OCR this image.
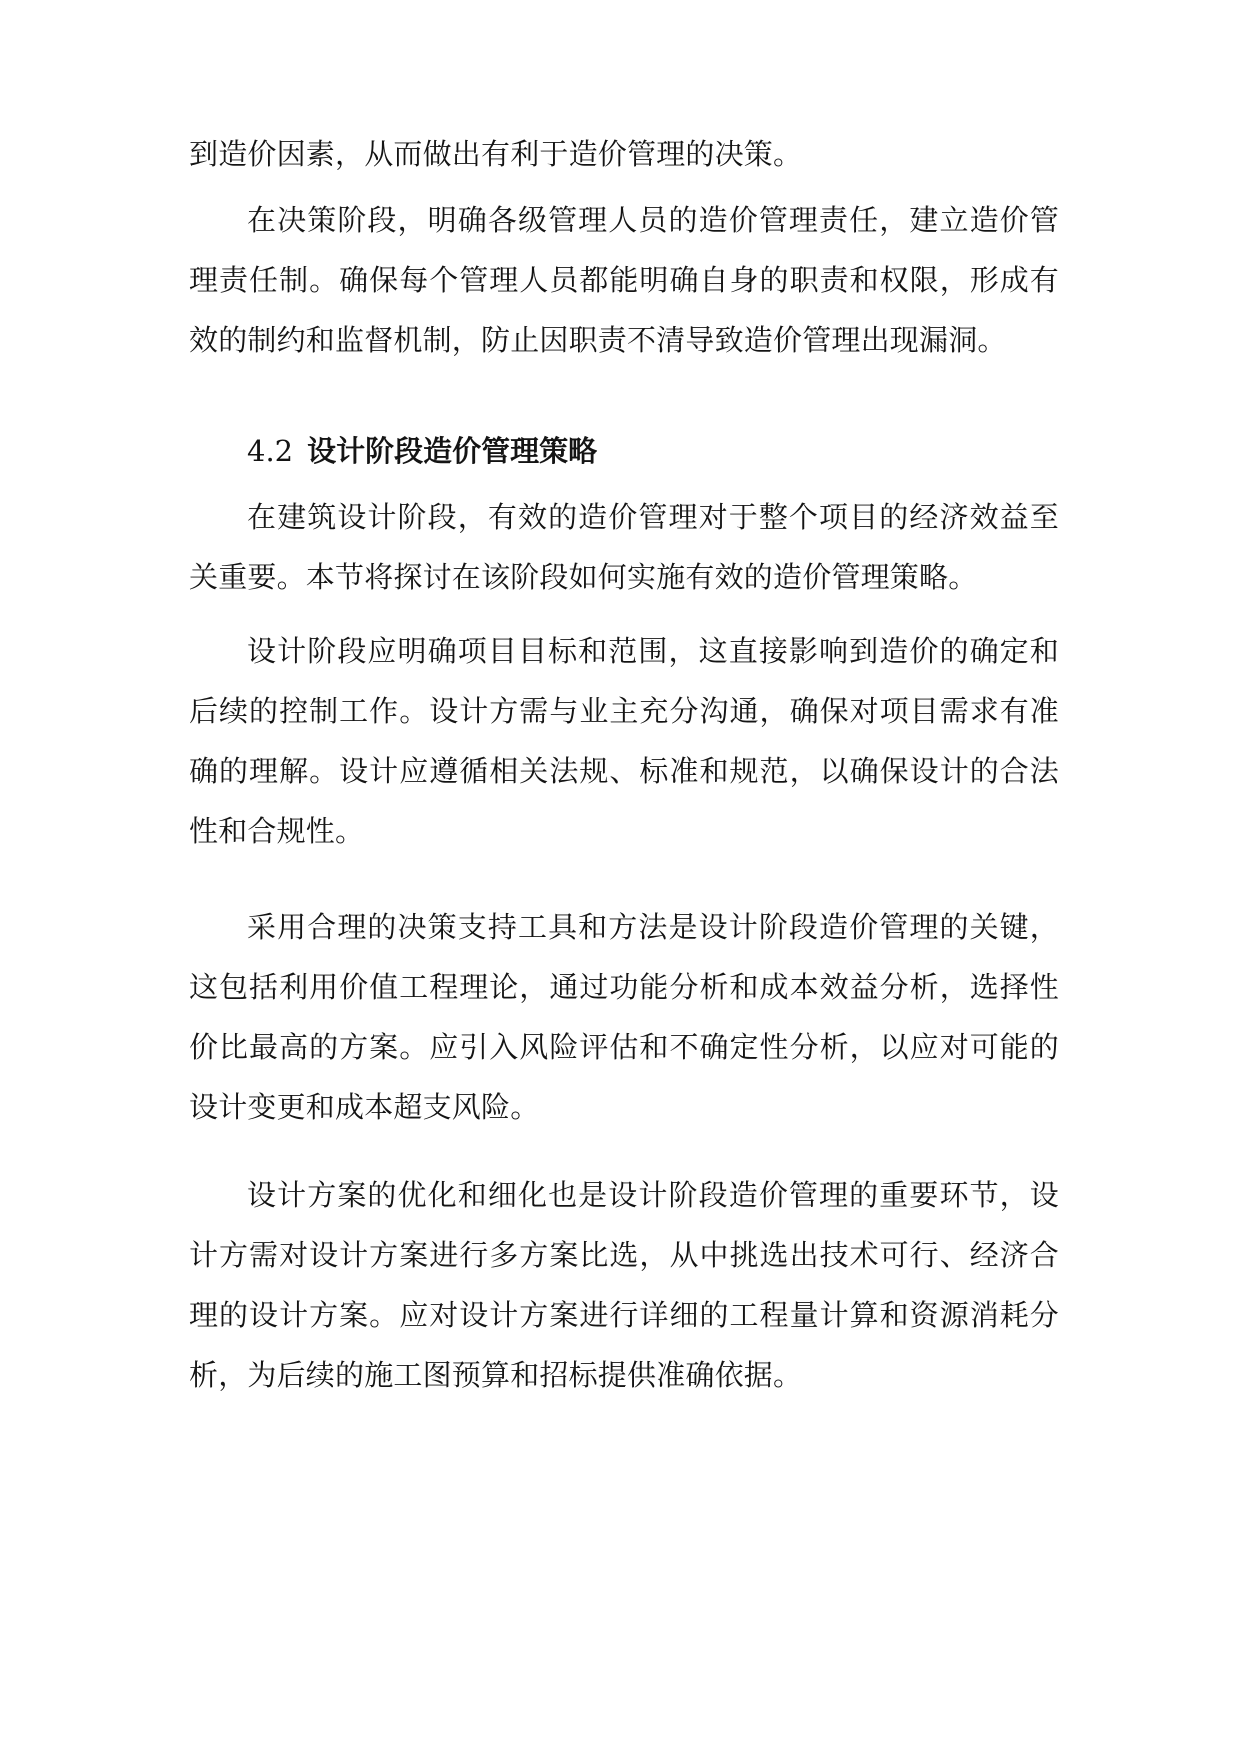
到造价因素，从而做出有利于造价管理的决策。
在决策阶段，明确各级管理人员的造价管理责任，建立造价管理责任制。确保每个管理人员都能明确自身的职责和权限，形成有效的制约和监督机制，防止因职责不清导致造价管理出现漏洞。
4.2 设计阶段造价管理策略
在建筑设计阶段，有效的造价管理对于整个项目的经济效益至关重要。本节将探讨在该阶段如何实施有效的造价管理策略。
设计阶段应明确项目目标和范围，这直接影响到造价的确定和后续的控制工作。设计方需与业主充分沟通，确保对项目需求有准确的理解。设计应遵循相关法规、标准和规范，以确保设计的合法性和合规性。
采用合理的决策支持工具和方法是设计阶段造价管理的关键，这包括利用价值工程理论，通过功能分析和成本效益分析，选择性价比最高的方案。应引入风险评估和不确定性分析，以应对可能的设计变更和成本超支风险。
设计方案的优化和细化也是设计阶段造价管理的重要环节，设计方需对设计方案进行多方案比选，从中挑选出技术可行、经济合理的设计方案。应对设计方案进行详细的工程量计算和资源消耗分析，为后续的施工图预算和招标提供准确依据。
